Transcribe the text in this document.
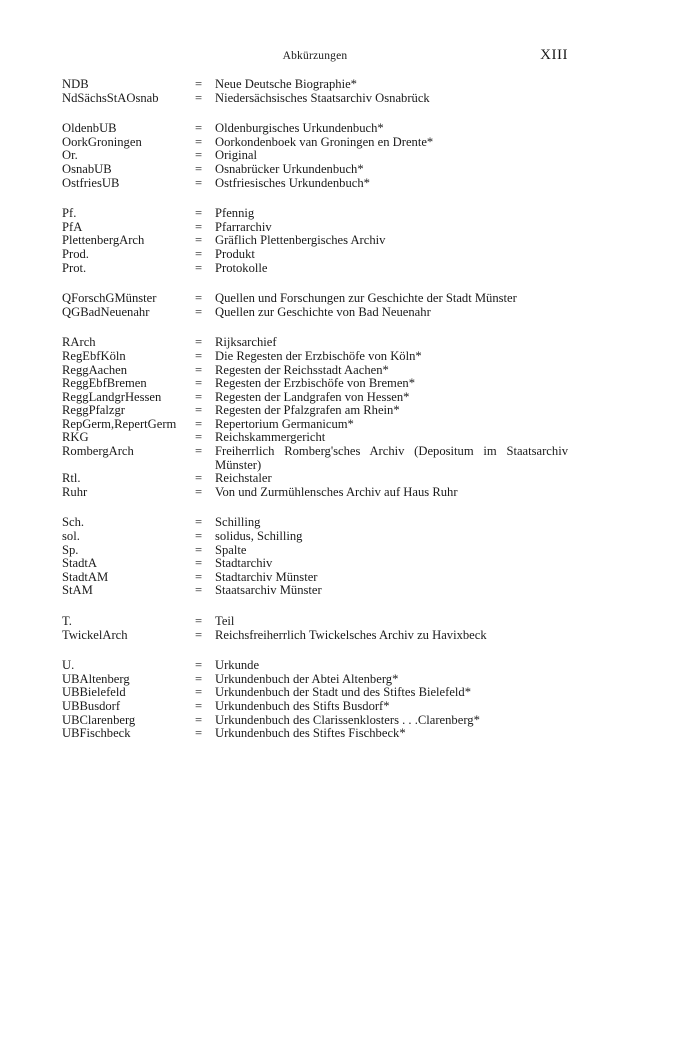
Abkürzungen	XIII
NDB	=	Neue Deutsche Biographie*
NdSächsStAOsnab	=	Niedersächsisches Staatsarchiv Osnabrück
OldenbUB	=	Oldenburgisches Urkundenbuch*
OorkGroningen	=	Oorkondenboek van Groningen en Drente*
Or.	=	Original
OsnabUB	=	Osnabrücker Urkundenbuch*
OstfriesUB	=	Ostfriesisches Urkundenbuch*
Pf.	=	Pfennig
PfA	=	Pfarrarchiv
PlettenbergArch	=	Gräflich Plettenbergisches Archiv
Prod.	=	Produkt
Prot.	=	Protokolle
QForschGMünster	=	Quellen und Forschungen zur Geschichte der Stadt Münster
QGBadNeuenahr	=	Quellen zur Geschichte von Bad Neuenahr
RArch	=	Rijksarchief
RegEbfKöln	=	Die Regesten der Erzbischöfe von Köln*
ReggAachen	=	Regesten der Reichsstadt Aachen*
ReggEbfBremen	=	Regesten der Erzbischöfe von Bremen*
ReggLandgrHessen	=	Regesten der Landgrafen von Hessen*
ReggPfalzgr	=	Regesten der Pfalzgrafen am Rhein*
RepGerm,RepertGerm	=	Repertorium Germanicum*
RKG	=	Reichskammergericht
RombergArch	=	Freiherrlich Romberg'sches Archiv (Depositum im Staatsarchiv Münster)
Rtl.	=	Reichstaler
Ruhr	=	Von und Zurmühlensches Archiv auf Haus Ruhr
Sch.	=	Schilling
sol.	=	solidus, Schilling
Sp.	=	Spalte
StadtA	=	Stadtarchiv
StadtAM	=	Stadtarchiv Münster
StAM	=	Staatsarchiv Münster
T.	=	Teil
TwickelArch	=	Reichsfreiherrlich Twickelsches Archiv zu Havixbeck
U.	=	Urkunde
UBAltenberg	=	Urkundenbuch der Abtei Altenberg*
UBBielefeld	=	Urkundenbuch der Stadt und des Stiftes Bielefeld*
UBBusdorf	=	Urkundenbuch des Stifts Busdorf*
UBClarenberg	=	Urkundenbuch des Clarissenklosters . . .Clarenberg*
UBFischbeck	=	Urkundenbuch des Stiftes Fischbeck*
